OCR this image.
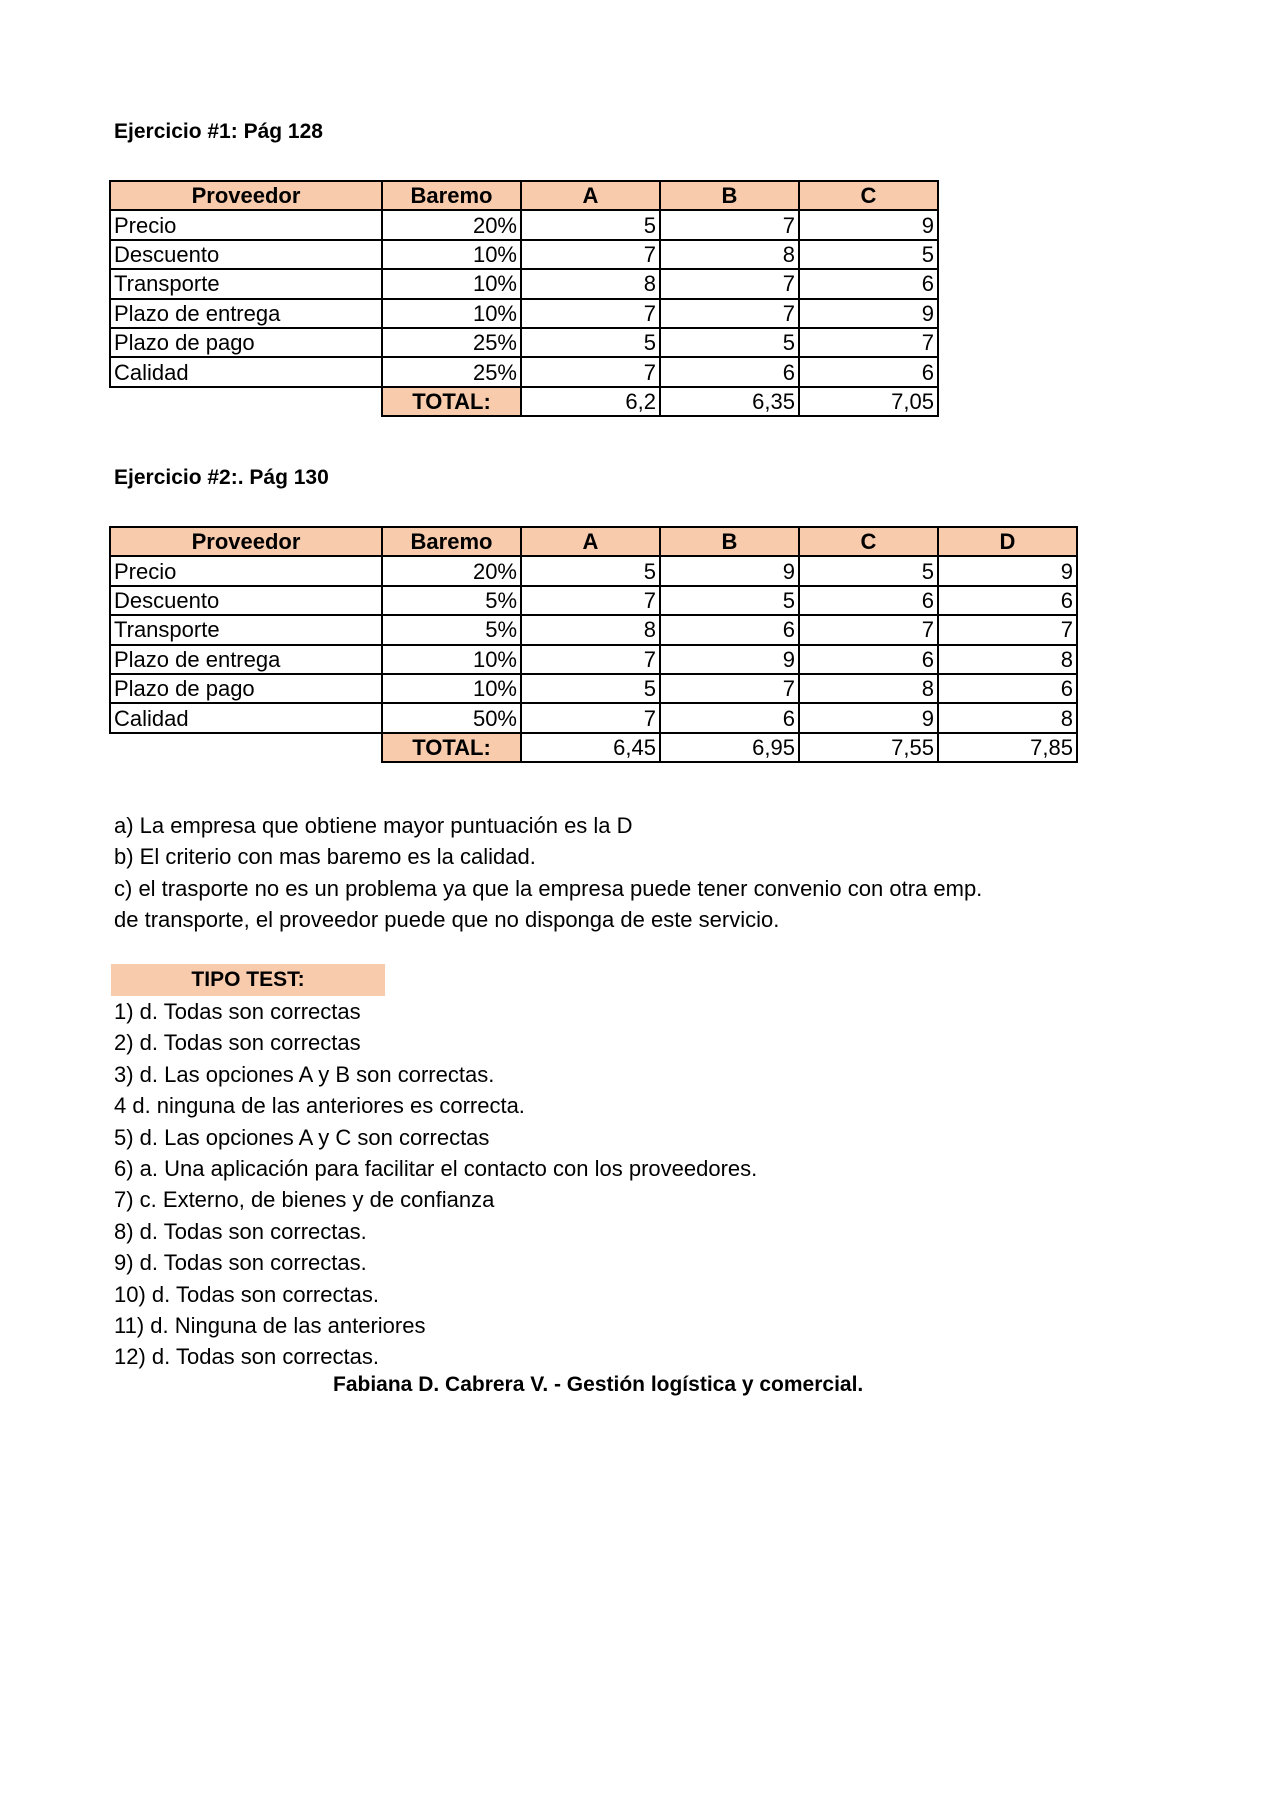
Ejercicio #1: Pág 128
Proveedor	Baremo	A	B	C
Precio	20%	5	7	9
Descuento	10%	7	8	5
Transporte	10%	8	7	6
Plazo de entrega	10%	7	7	9
Plazo de pago	25%	5	5	7
Calidad	25%	7	6	6
	TOTAL:	6,2	6,35	7,05
Ejercicio #2:. Pág 130
Proveedor	Baremo	A	B	C	D
Precio	20%	5	9	5	9
Descuento	5%	7	5	6	6
Transporte	5%	8	6	7	7
Plazo de entrega	10%	7	9	6	8
Plazo de pago	10%	5	7	8	6
Calidad	50%	7	6	9	8
	TOTAL:	6,45	6,95	7,55	7,85
a) La empresa que obtiene mayor puntuación es la D
b) El criterio con mas baremo es la calidad.
c) el trasporte no es un problema ya que la empresa puede tener convenio con otra emp.
de transporte, el proveedor puede que no disponga de este servicio.
TIPO TEST:
1) d. Todas son correctas
2) d. Todas son correctas
3) d. Las opciones A y B son correctas.
4 d. ninguna de las anteriores es correcta.
5) d. Las opciones A y C son correctas
6) a. Una aplicación para facilitar el contacto con los proveedores.
7) c. Externo, de bienes y de confianza
8) d. Todas son correctas.
9) d. Todas son correctas.
10) d. Todas son correctas.
11) d. Ninguna de las anteriores
12) d. Todas son correctas.
Fabiana D. Cabrera V. - Gestión logística y comercial.
